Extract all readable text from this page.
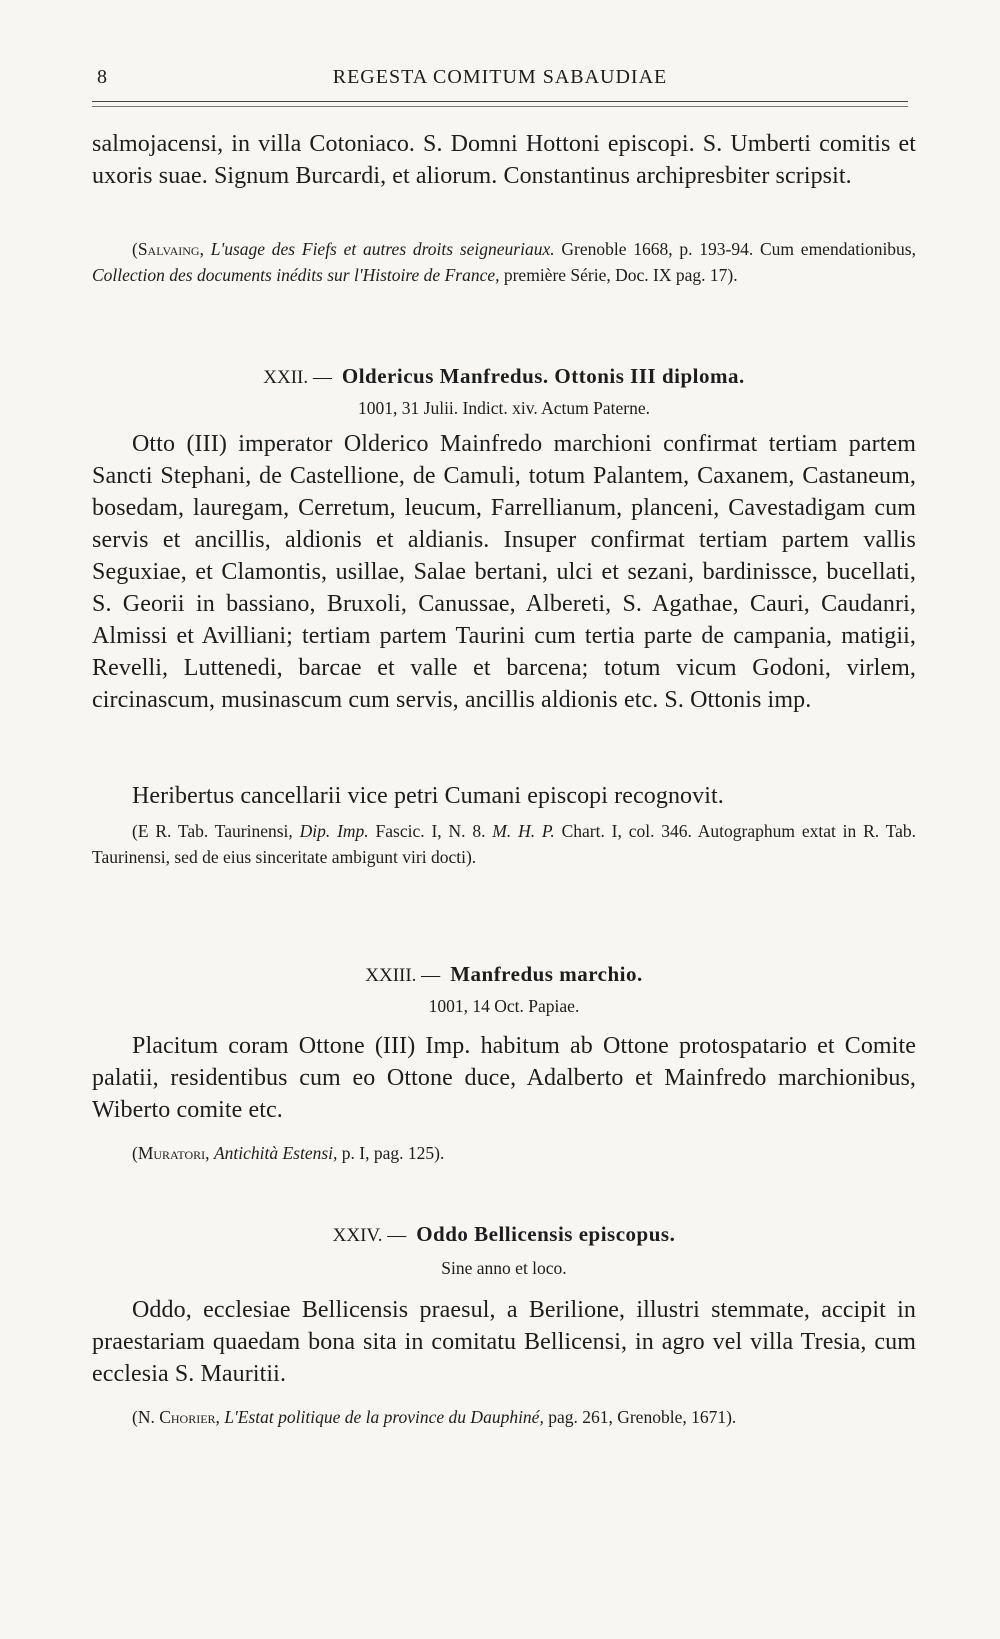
8	REGESTA COMITUM SABAUDIAE
salmojacensi, in villa Cotoniaco. S. Domni Hottoni episcopi. S. Umberti comitis et uxoris suae. Signum Burcardi, et aliorum. Constantinus archipresbiter scripsit.
(Salvaing, L'usage des Fiefs et autres droits seigneuriaux. Grenoble 1668, p. 193-94. Cum emendationibus, Collection des documents inédits sur l'Histoire de France, première Série, Doc. IX pag. 17).
XXII. — Oldericus Manfredus. Ottonis III diploma.
1001, 31 Julii. Indict. xiv. Actum Paterne.
Otto (III) imperator Olderico Mainfredo marchioni confirmat tertiam partem Sancti Stephani, de Castellione, de Camuli, totum Palantem, Caxanem, Castaneum, bosedam, lauregam, Cerretum, leucum, Farrellianum, planceni, Cavestadigam cum servis et ancillis, aldionis et aldianis. Insuper confirmat tertiam partem vallis Seguxiae, et Clamontis, usillae, Salae bertani, ulci et sezani, bardinissce, bucellati, S. Georii in bassiano, Bruxoli, Canussae, Albereti, S. Agathae, Cauri, Caudanri, Almissi et Avilliani; tertiam partem Taurini cum tertia parte de campania, matigii, Revelli, Luttenedi, barcae et valle et barcena; totum vicum Godoni, virlem, circinascum, musinascum cum servis, ancillis aldionis etc. S. Ottonis imp.
Heribertus cancellarii vice petri Cumani episcopi recognovit.
(E R. Tab. Taurinensi, Dip. Imp. Fascic. I, N. 8. M. H. P. Chart. I, col. 346. Autographum extat in R. Tab. Taurinensi, sed de eius sinceritate ambigunt viri docti).
XXIII. — Manfredus marchio.
1001, 14 Oct. Papiae.
Placitum coram Ottone (III) Imp. habitum ab Ottone protospatario et Comite palatii, residentibus cum eo Ottone duce, Adalberto et Mainfredo marchionibus, Wiberto comite etc.
(Muratori, Antichità Estensi, p. I, pag. 125).
XXIV. — Oddo Bellicensis episcopus.
Sine anno et loco.
Oddo, ecclesiae Bellicensis praesul, a Berilione, illustri stemmate, accipit in praestariam quaedam bona sita in comitatu Bellicensi, in agro vel villa Tresia, cum ecclesia S. Mauritii.
(N. Chorier, L'Estat politique de la province du Dauphiné, pag. 261, Grenoble, 1671).
